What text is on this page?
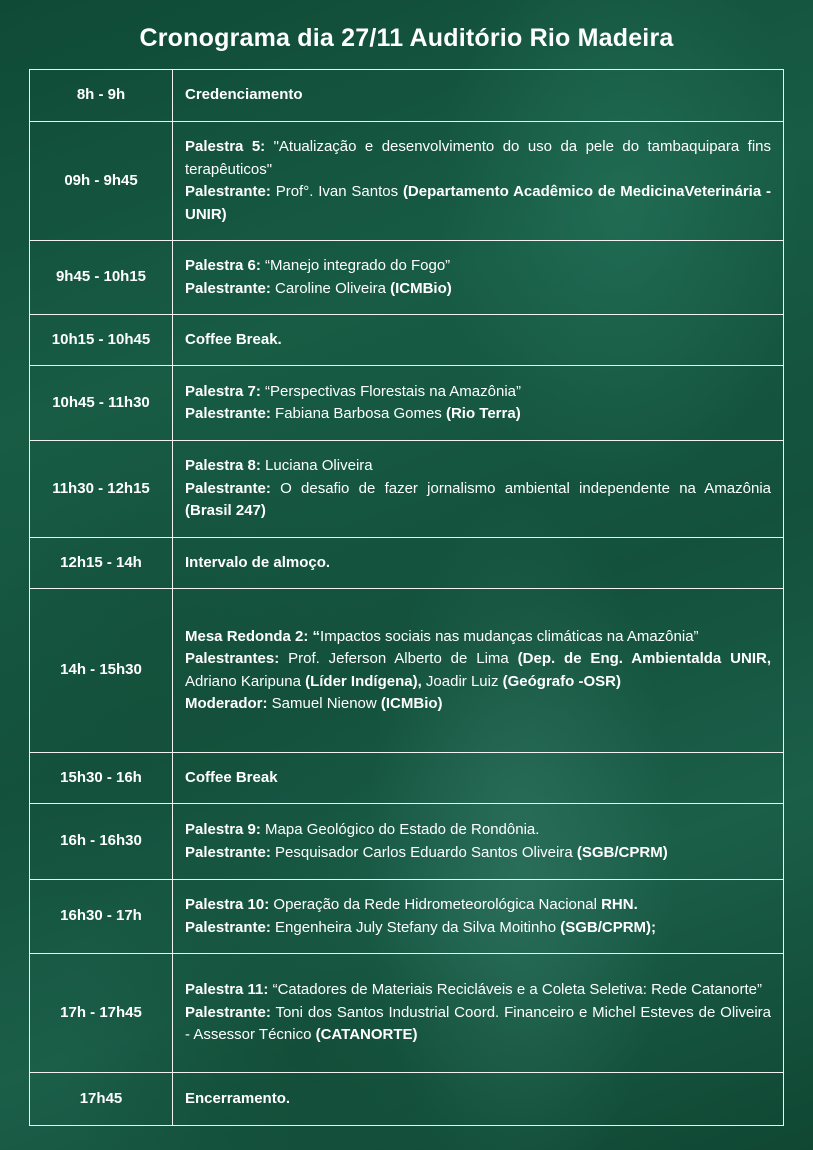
Cronograma dia 27/11 Auditório Rio Madeira
8h - 9h	Credenciamento
09h - 9h45	Palestra 5: "Atualização e desenvolvimento do uso da pele do tambaquipara fins terapêuticos"
Palestrante: Prof°. Ivan Santos (Departamento Acadêmico de MedicinaVeterinária - UNIR)

9h45 - 10h15	Palestra 6: “Manejo integrado do Fogo”
Palestrante: Caroline Oliveira (ICMBio)

10h15 - 10h45	Coffee Break.
10h45 - 11h30	Palestra 7: “Perspectivas Florestais na Amazônia”
Palestrante: Fabiana Barbosa Gomes (Rio Terra)

11h30 - 12h15	Palestra 8: Luciana Oliveira
Palestrante: O desafio de fazer jornalismo ambiental independente na Amazônia (Brasil 247)

12h15 - 14h	Intervalo de almoço.
14h - 15h30	Mesa Redonda 2: “Impactos sociais nas mudanças climáticas na Amazônia”
Palestrantes: Prof. Jeferson Alberto de Lima (Dep. de Eng. Ambientalda UNIR, Adriano Karipuna (Líder Indígena), Joadir Luiz (Geógrafo -OSR)
Moderador: Samuel Nienow (ICMBio)

15h30 - 16h	Coffee Break
16h - 16h30	Palestra 9: Mapa Geológico do Estado de Rondônia.
Palestrante: Pesquisador Carlos Eduardo Santos Oliveira (SGB/CPRM)

16h30 - 17h	Palestra 10: Operação da Rede Hidrometeorológica Nacional RHN.
Palestrante: Engenheira July Stefany da Silva Moitinho (SGB/CPRM);

17h - 17h45	Palestra 11: “Catadores de Materiais Recicláveis e a Coleta Seletiva: Rede Catanorte”
Palestrante: Toni dos Santos Industrial Coord. Financeiro e Michel Esteves de Oliveira - Assessor Técnico (CATANORTE)

17h45	Encerramento.
